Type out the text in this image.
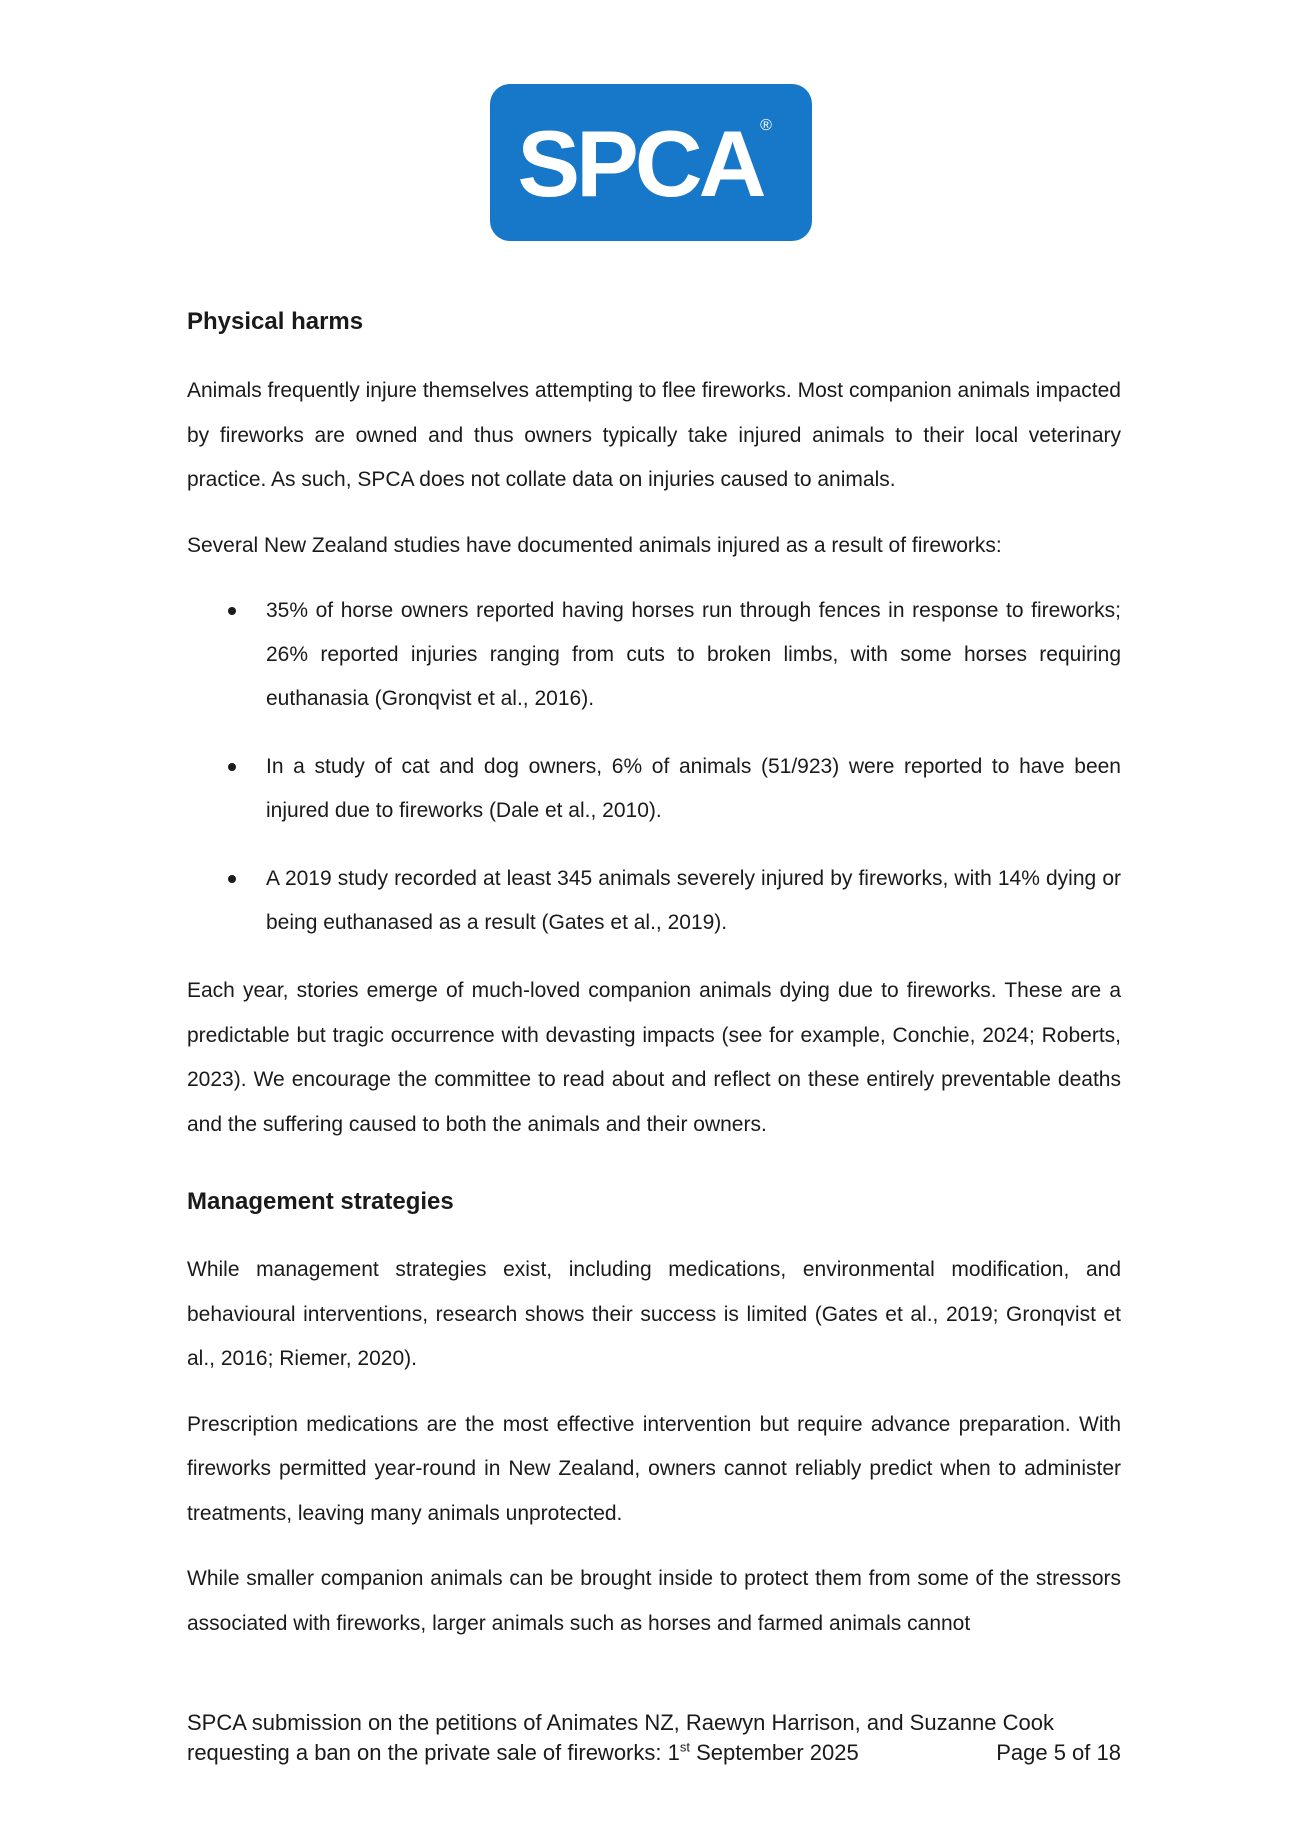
SPCA
®
Physical harms

Animals frequently injure themselves attempting to flee fireworks. Most companion animals impacted by fireworks are owned and thus owners typically take injured animals to their local veterinary practice. As such, SPCA does not collate data on injuries caused to animals.

Several New Zealand studies have documented animals injured as a result of fireworks:

35% of horse owners reported having horses run through fences in response to fireworks; 26% reported injuries ranging from cuts to broken limbs, with some horses requiring euthanasia (Gronqvist et al., 2016).
In a study of cat and dog owners, 6% of animals (51/923) were reported to have been injured due to fireworks (Dale et al., 2010).
A 2019 study recorded at least 345 animals severely injured by fireworks, with 14% dying or being euthanased as a result (Gates et al., 2019).

Each year, stories emerge of much-loved companion animals dying due to fireworks. These are a predictable but tragic occurrence with devasting impacts (see for example, Conchie, 2024; Roberts, 2023). We encourage the committee to read about and reflect on these entirely preventable deaths and the suffering caused to both the animals and their owners.

Management strategies

While management strategies exist, including medications, environmental modification, and behavioural interventions, research shows their success is limited (Gates et al., 2019; Gronqvist et al., 2016; Riemer, 2020).

Prescription medications are the most effective intervention but require advance preparation. With fireworks permitted year-round in New Zealand, owners cannot reliably predict when to administer treatments, leaving many animals unprotected.

While smaller companion animals can be brought inside to protect them from some of the stressors associated with fireworks, larger animals such as horses and farmed animals cannot

SPCA submission on the petitions of Animates NZ, Raewyn Harrison, and Suzanne Cook
requesting a ban on the private sale of fireworks: 1st September 2025	Page 5 of 18
